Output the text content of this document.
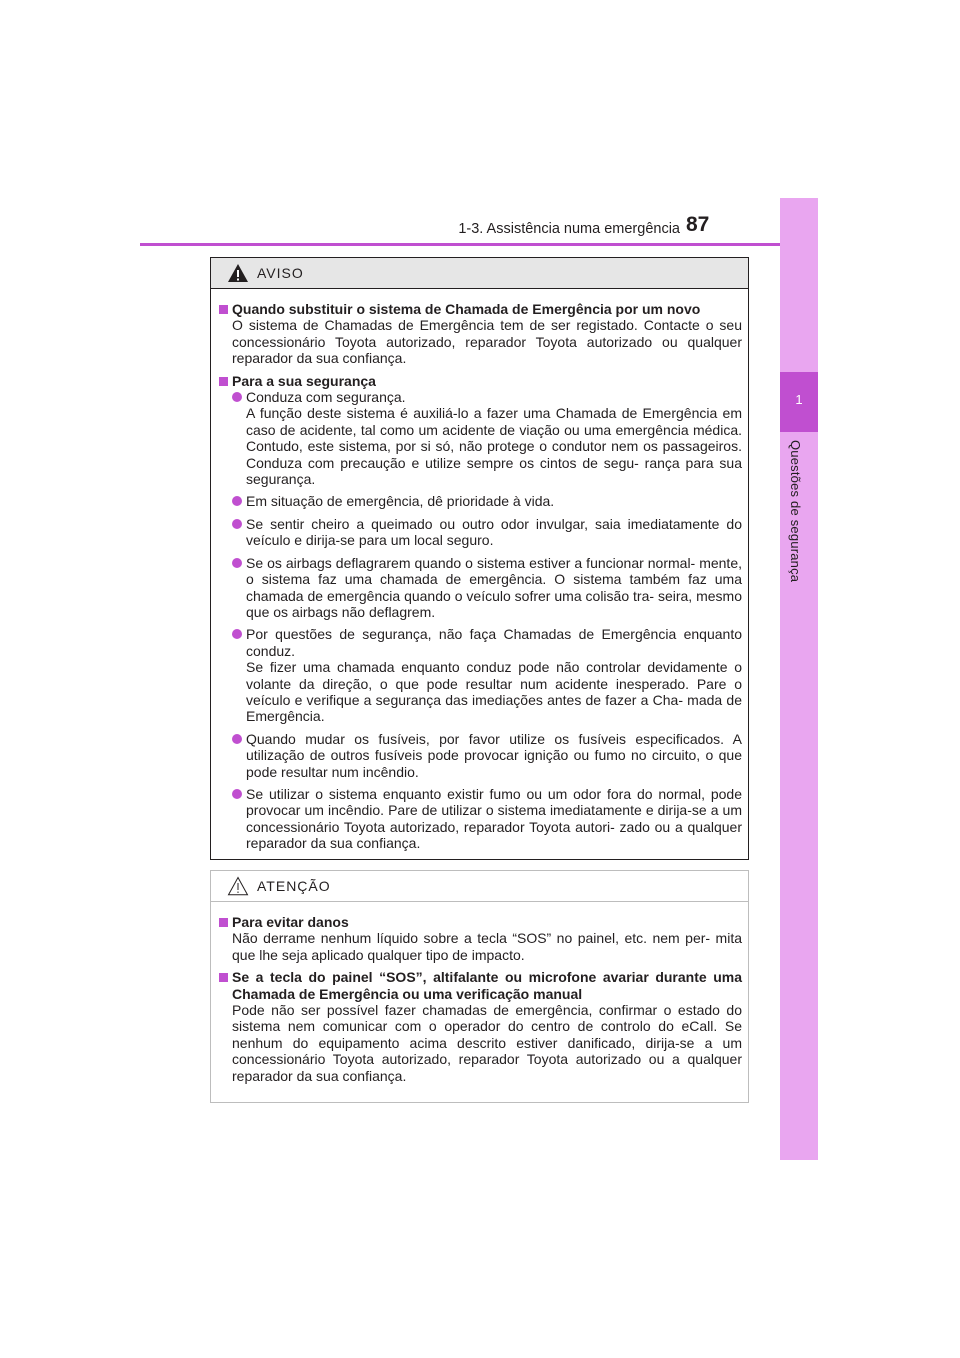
1-3. Assistência numa emergência 87
1
Questões de segurança
AVISO
Quando substituir o sistema de Chamada de Emergência por um novo
O sistema de Chamadas de Emergência tem de ser registado. Contacte o seu concessionário Toyota autorizado, reparador Toyota autorizado ou qualquer reparador da sua confiança.
Para a sua segurança
Conduza com segurança.
A função deste sistema é auxiliá-lo a fazer uma Chamada de Emergência em caso de acidente, tal como um acidente de viação ou uma emergência médica. Contudo, este sistema, por si só, não protege o condutor nem os passageiros. Conduza com precaução e utilize sempre os cintos de segu- rança para sua segurança.
Em situação de emergência, dê prioridade à vida.
Se sentir cheiro a queimado ou outro odor invulgar, saia imediatamente do veículo e dirija-se para um local seguro.
Se os airbags deflagrarem quando o sistema estiver a funcionar normal- mente, o sistema faz uma chamada de emergência. O sistema também faz uma chamada de emergência quando o veículo sofrer uma colisão tra- seira, mesmo que os airbags não deflagrem.
Por questões de segurança, não faça Chamadas de Emergência enquanto conduz.
Se fizer uma chamada enquanto conduz pode não controlar devidamente o volante da direção, o que pode resultar num acidente inesperado. Pare o veículo e verifique a segurança das imediações antes de fazer a Cha- mada de Emergência.
Quando mudar os fusíveis, por favor utilize os fusíveis especificados. A utilização de outros fusíveis pode provocar ignição ou fumo no circuito, o que pode resultar num incêndio.
Se utilizar o sistema enquanto existir fumo ou um odor fora do normal, pode provocar um incêndio. Pare de utilizar o sistema imediatamente e dirija-se a um concessionário Toyota autorizado, reparador Toyota autori- zado ou a qualquer reparador da sua confiança.
ATENÇÃO
Para evitar danos
Não derrame nenhum líquido sobre a tecla “SOS” no painel, etc. nem per- mita que lhe seja aplicado qualquer tipo de impacto.
Se a tecla do painel “SOS”, altifalante ou microfone avariar durante uma Chamada de Emergência ou uma verificação manual
Pode não ser possível fazer chamadas de emergência, confirmar o estado do sistema nem comunicar com o operador do centro de controlo do eCall. Se nenhum do equipamento acima descrito estiver danificado, dirija-se a um concessionário Toyota autorizado, reparador Toyota autorizado ou a qualquer reparador da sua confiança.
